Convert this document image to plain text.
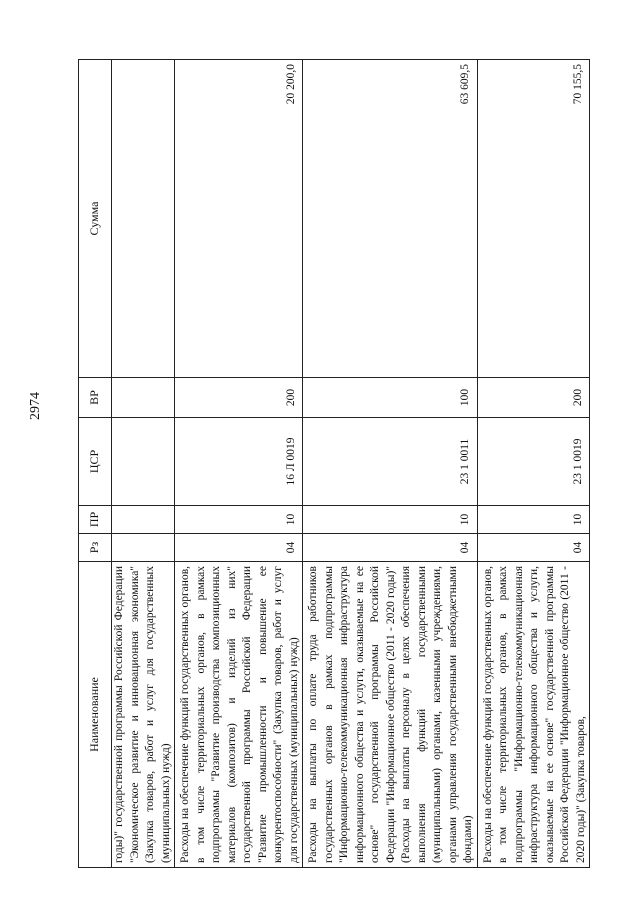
2974
Наименование	Рз	ПР	ЦСР	ВР	Сумма
годы)" государственной программы Российской Федерации "Экономическое развитие и инновационная экономика" (Закупка товаров, работ и услуг для государственных (муниципальных) нужд)					
Расходы на обеспечение функций государственных органов, в том числе территориальных органов, в рамках подпрограммы "Развитие производства композиционных материалов (композитов) и изделий из них" государственной программы Российской Федерации "Развитие промышленности и повышение ее конкурентоспособности" (Закупка товаров, работ и услуг для государственных (муниципальных) нужд)	04	10	16 Л 0019	200	20 200,0
Расходы на выплаты по оплате труда работников государственных органов в рамках подпрограммы "Информационно-телекоммуникационная инфраструктура информационного общества и услуги, оказываемые на ее основе" государственной программы Российской Федерации "Информационное общество (2011 - 2020 годы)" (Расходы на выплаты персоналу в целях обеспечения выполнения функций государственными (муниципальными) органами, казенными учреждениями, органами управления государственными внебюджетными фондами)	04	10	23 1 0011	100	63 609,5
Расходы на обеспечение функций государственных органов, в том числе территориальных органов, в рамках подпрограммы "Информационно-телекоммуникационная инфраструктура информационного общества и услуги, оказываемые на ее основе" государственной программы Российской Федерации "Информационное общество (2011 - 2020 годы)" (Закупка товаров,	04	10	23 1 0019	200	70 155,5
